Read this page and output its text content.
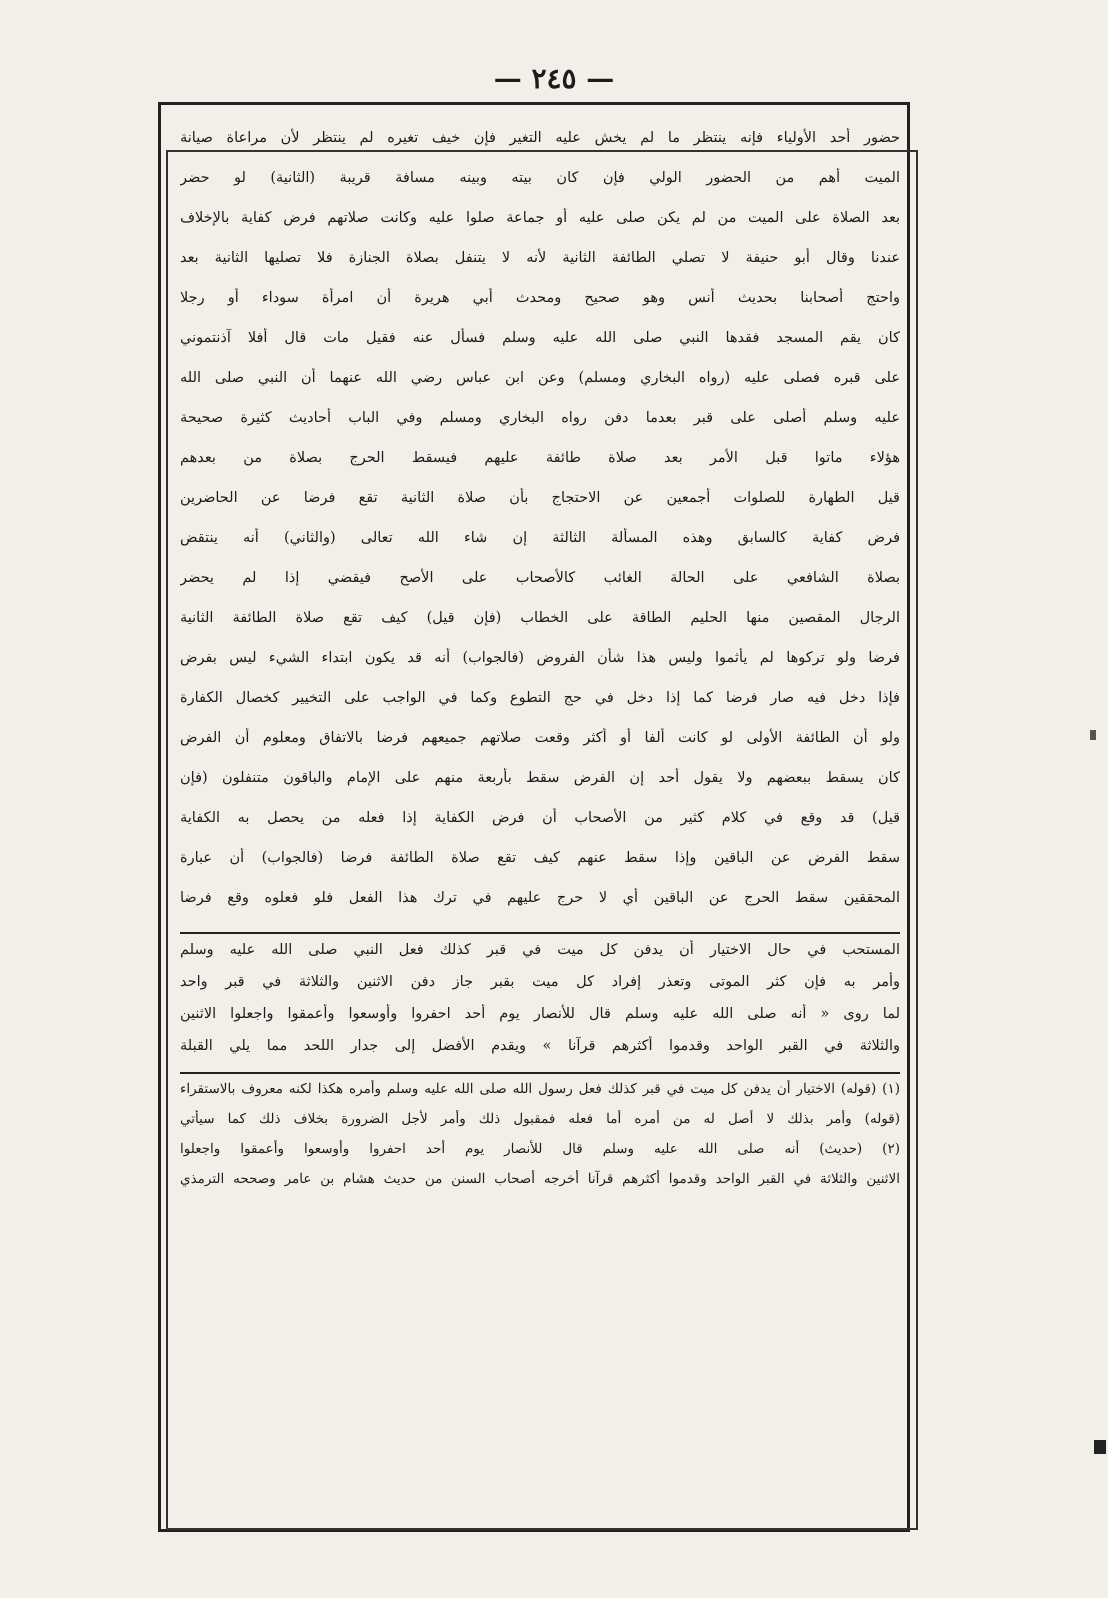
— ٢٤٥ —
حضور أحد الأولياء فإنه ينتظر ما لم يخش عليه التغير فإن خيف تغيره لم ينتظر لأن مراعاة صيانة
الميت أهم من الحضور الولي فإن كان بيته وبينه مسافة قريبة (الثانية) لو حضر
بعد الصلاة على الميت من لم يكن صلى عليه أو جماعة صلوا عليه وكانت صلاتهم فرض كفاية بالإخلاف
عندنا وقال أبو حنيفة لا تصلي الطائفة الثانية لأنه لا يتنفل بصلاة الجنازة فلا تصليها الثانية بعد
واحتج أصحابنا بحديث أنس وهو صحيح ومحدث أبي هريرة أن امرأة سوداء أو رجلا
كان يقم المسجد فقدها النبي صلى الله عليه وسلم فسأل عنه فقيل مات قال أفلا آذنتموني
على قبره فصلى عليه (رواه البخاري ومسلم) وعن ابن عباس رضي الله عنهما أن النبي صلى الله
عليه وسلم أصلى على قبر بعدما دفن رواه البخاري ومسلم وفي الباب أحاديث كثيرة صحيحة
هؤلاء ماتوا قبل الأمر بعد صلاة طائفة عليهم فيسقط الحرج بصلاة من بعدهم
قيل الطهارة للصلوات أجمعين عن الاحتجاج بأن صلاة الثانية تقع فرضا عن الحاضرين
فرض كفاية كالسابق وهذه المسألة الثالثة إن شاء الله تعالى (والثاني) أنه ينتقض
بصلاة الشافعي على الحالة الغائب كالأصحاب على الأصح فيقضي إذا لم يحضر
الرجال المقصين منها الحليم الطاقة على الخطاب (فإن قيل) كيف تقع صلاة الطائفة الثانية
فرضا ولو تركوها لم يأثموا وليس هذا شأن الفروض (فالجواب) أنه قد يكون ابتداء الشيء ليس بفرض
فإذا دخل فيه صار فرضا كما إذا دخل في حج التطوع وكما في الواجب على التخيير كخصال الكفارة
ولو أن الطائفة الأولى لو كانت ألفا أو أكثر وقعت صلاتهم جميعهم فرضا بالاتفاق ومعلوم أن الفرض
كان يسقط ببعضهم ولا يقول أحد إن الفرض سقط بأربعة منهم على الإمام والباقون متنفلون (فإن
قيل) قد وقع في كلام كثير من الأصحاب أن فرض الكفاية إذا فعله من يحصل به الكفاية
سقط الفرض عن الباقين وإذا سقط عنهم كيف تقع صلاة الطائفة فرضا (فالجواب) أن عبارة
المحققين سقط الحرج عن الباقين أي لا حرج عليهم في ترك هذا الفعل فلو فعلوه وقع فرضا
المستحب في حال الاختيار أن يدفن كل ميت في قبر كذلك فعل النبي صلى الله عليه وسلم
وأمر به فإن كثر الموتى وتعذر إفراد كل ميت بقبر جاز دفن الاثنين والثلاثة في قبر واحد
لما روى « أنه صلى الله عليه وسلم قال للأنصار يوم أحد احفروا وأوسعوا وأعمقوا واجعلوا الاثنين
والثلاثة في القبر الواحد وقدموا أكثرهم قرآنا » ويقدم الأفضل إلى جدار اللحد مما يلي القبلة
(١) (قوله) الاختيار أن يدفن كل ميت في قبر كذلك فعل رسول الله صلى الله عليه وسلم وأمره هكذا لكنه معروف بالاستقراء
(قوله) وأمر بذلك لا أصل له من أمره أما فعله فمقبول ذلك وأمر لأجل الضرورة بخلاف ذلك كما سيأتي
(٢) (حديث) أنه صلى الله عليه وسلم قال للأنصار يوم أحد احفروا وأوسعوا وأعمقوا واجعلوا
الاثنين والثلاثة في القبر الواحد وقدموا أكثرهم قرآنا أخرجه أصحاب السنن من حديث هشام بن عامر وصححه الترمذي
